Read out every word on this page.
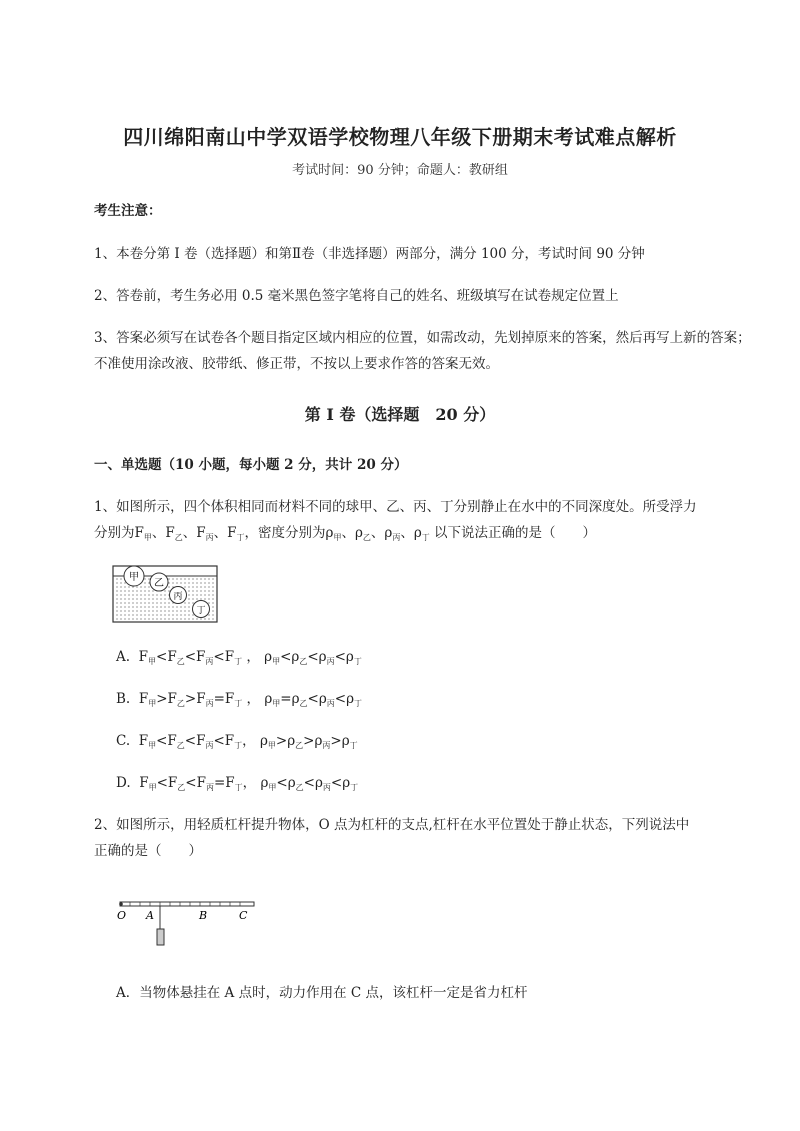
四川绵阳南山中学双语学校物理八年级下册期末考试难点解析
考试时间：90 分钟；命题人：教研组
考生注意：
1、本卷分第 I 卷（选择题）和第Ⅱ卷（非选择题）两部分，满分 100 分，考试时间 90 分钟
2、答卷前，考生务必用 0.5 毫米黑色签字笔将自己的姓名、班级填写在试卷规定位置上
3、答案必须写在试卷各个题目指定区域内相应的位置，如需改动，先划掉原来的答案，然后再写上新的答案；不准使用涂改液、胶带纸、修正带，不按以上要求作答的答案无效。
第 I 卷（选择题　20 分）
一、单选题（10 小题，每小题 2 分，共计 20 分）
1、如图所示，四个体积相同而材料不同的球甲、乙、丙、丁分别静止在水中的不同深度处。所受浮力
分别为$F_甲$、$F_乙$、$F_丙$、$F_丁$，密度分别为$\rho_甲$、$\rho_乙$、$\rho_丙$、$\rho_丁$ 以下说法正确的是（　　）
甲
乙
丙
丁
A. $F_甲<F_乙<F_丙<F_丁$ ， $\rho_甲<\rho_乙<\rho_丙<\rho_丁$
B. $F_甲>F_乙>F_丙=F_丁$ ， $\rho_甲=\rho_乙<\rho_丙<\rho_丁$
C. $F_甲<F_乙<F_丙<F_丁$， $\rho_甲>\rho_乙>\rho_丙>\rho_丁$
D. $F_甲<F_乙<F_丙=F_丁$， $\rho_甲<\rho_乙<\rho_丙<\rho_丁$
2、如图所示，用轻质杠杆提升物体，O 点为杠杆的支点,杠杆在水平位置处于静止状态，下列说法中
正确的是（　　）
O A	B	C
A．当物体悬挂在 A 点时，动力作用在 C 点，该杠杆一定是省力杠杆
